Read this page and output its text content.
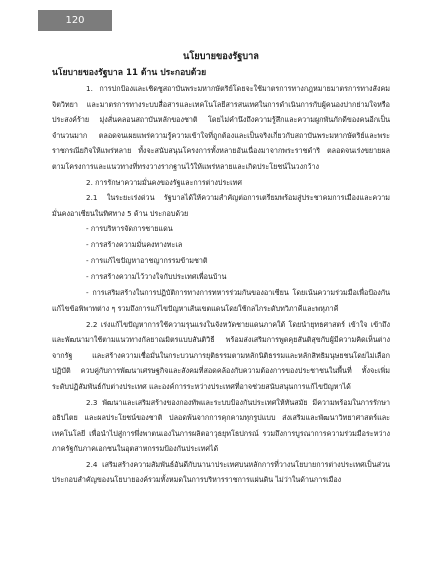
120
นโยบายของรัฐบาล
นโยบายของรัฐบาล 11 ด้าน ประกอบด้วย

1. การปกป้องและเชิดชูสถาบันพระมหากษัตริย์โดยจะใช้มาตรการทางกฎหมายมาตรการทางสังคมจิตวิทยา และมาตรการทางระบบสื่อสารและเทคโนโลยีสารสนเทศในการดำเนินการกับผู้คนองปากย่ามใจหรือประสงค์ร้าย มุ่งสั่นคลอนสถาบันหลักของชาติ โดยไม่คำนึงถึงความรู้สึกและความผูกพันภักดีของคนอีกเป็นจำนวนมาก ตลอดจนเผยแพร่ความรู้ความเข้าใจที่ถูกต้องและเป็นจริงเกี่ยวกับสถาบันพระมหากษัตริย์และพระราชกรณียกิจให้แพร่หลาย ทั้งจะสนับสนุนโครงการทั้งหลายอันเนื่องมาจากพระราชดำริ ตลอดจนเร่งขยายผลตามโครงการและแนวทางที่ทรงวางรากฐานไว้ให้แพร่หลายและเกิดประโยชน์ในวงกว้าง

2. การรักษาความมั่นคงของรัฐและการต่างประเทศ

2.1 ในระยะเร่งด่วน รัฐบาลได้ให้ความสำคัญต่อการเตรียมพร้อมสู่ประชาคมการเมืองและความมั่นคงอาเซียนในทิศทาง 5 ด้าน ประกอบด้วย

- การบริหารจัดการชายแดน

- การสร้างความมั่นคงทางทะเล

- การแก้ไขปัญหาอาชญากรรมข้ามชาติ

- การสร้างความไว้วางใจกับประเทศเพื่อนบ้าน

- การเสริมสร้างในการปฏิบัติการทางการทหารร่วมกันของอาเซียน โดยเน้นความร่วมมือเพื่อป้องกัน แก้ไขข้อพิพาทต่าง ๆ รวมถึงการแก้ไขปัญหาเส้นเขตแดนโดยใช้กลไกระดับทวิภาคีและพหุภาคี

2.2 เร่งแก้ไขปัญหาการใช้ความรุนแรงในจังหวัดชายแดนภาคใต้ โดยนำยุทธศาสตร์ เข้าใจ เข้าถึง และพัฒนามาใช้ตามแนวทางกัลยาณมิตรแบบสันติวิธี พร้อมส่งเสริมการพูดคุยสันติสุขกับผู้มีความคิดเห็นต่างจากรัฐ และสร้างความเชื่อมั่นในกระบวนการยุติธรรมตามหลักนิติธรรมและหลักสิทธิมนุษยชนโดยไม่เลือกปฏิบัติ ควบคู่กับการพัฒนาเศรษฐกิจและสังคมที่สอดคล้องกับความต้องการของประชาชนในพื้นที่ ทั้งจะเพิ่มระดับปฏิสัมพันธ์กับต่างประเทศ และองค์การระหว่างประเทศที่อาจช่วยสนับสนุนการแก้ไขปัญหาได้

2.3 พัฒนาและเสริมสร้างของกองทัพและระบบป้องกันประเทศให้ทันสมัย มีความพร้อมในการรักษาอธิปไตย และผลประโยชน์ของชาติ ปลอดพ้นจากการคุกคามทุกรูปแบบ ส่งเสริมและพัฒนาวิทยาศาสตร์และเทคโนโลยี เพื่อนำไปสู่การพึ่งพาตนเองในการผลิตอาวุธยุทโธปกรณ์ รวมถึงการบูรณาการความร่วมมือระหว่างภาครัฐกับภาคเอกชนในอุตสาหกรรมป้องกันประเทศได้

2.4 เสริมสร้างความสัมพันธ์อันดีกับนานาประเทศบนหลักการที่วางนโยบายการต่างประเทศเป็นส่วนประกอบสำคัญของนโยบายองค์รวมทั้งหมดในการบริหารราชการแผ่นดิน ไม่ว่าในด้านการเมือง
